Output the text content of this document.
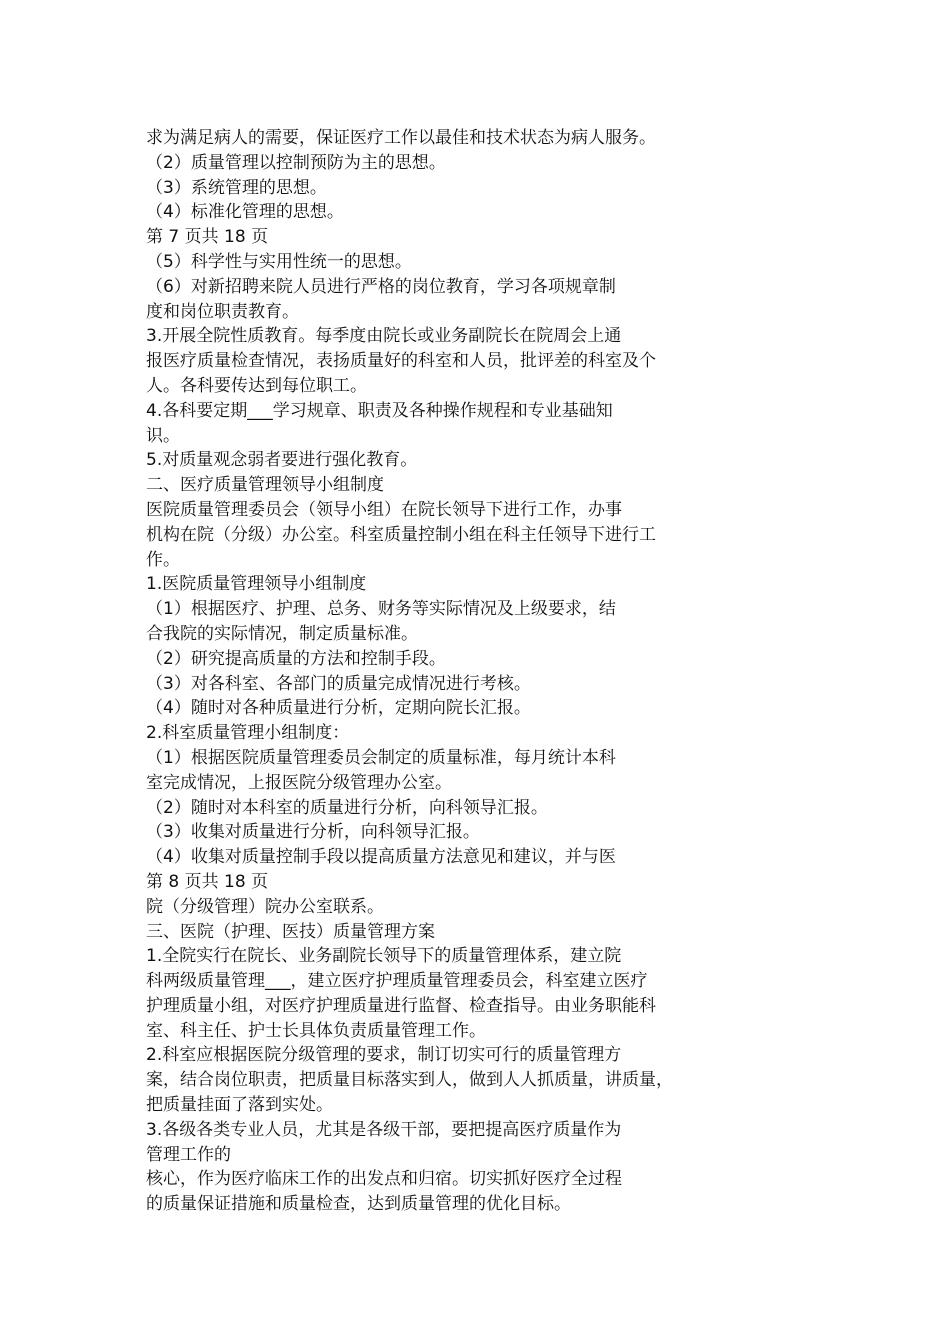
求为满足病人的需要，保证医疗工作以最佳和技术状态为病人服务。
（2）质量管理以控制预防为主的思想。
（3）系统管理的思想。
（4）标准化管理的思想。
第 7 页共 18 页
（5）科学性与实用性统一的思想。
（6）对新招聘来院人员进行严格的岗位教育，学习各项规章制
度和岗位职责教育。
3.开展全院性质教育。每季度由院长或业务副院长在院周会上通
报医疗质量检查情况，表扬质量好的科室和人员，批评差的科室及个
人。各科要传达到每位职工。
4.各科要定期___学习规章、职责及各种操作规程和专业基础知
识。
5.对质量观念弱者要进行强化教育。
二、医疗质量管理领导小组制度
医院质量管理委员会（领导小组）在院长领导下进行工作，办事
机构在院（分级）办公室。科室质量控制小组在科主任领导下进行工
作。
1.医院质量管理领导小组制度
（1）根据医疗、护理、总务、财务等实际情况及上级要求，结
合我院的实际情况，制定质量标准。
（2）研究提高质量的方法和控制手段。
（3）对各科室、各部门的质量完成情况进行考核。
（4）随时对各种质量进行分析，定期向院长汇报。
2.科室质量管理小组制度：
（1）根据医院质量管理委员会制定的质量标准，每月统计本科
室完成情况，上报医院分级管理办公室。
（2）随时对本科室的质量进行分析，向科领导汇报。
（3）收集对质量进行分析，向科领导汇报。
（4）收集对质量控制手段以提高质量方法意见和建议，并与医
第 8 页共 18 页
院（分级管理）院办公室联系。
三、医院（护理、医技）质量管理方案
1.全院实行在院长、业务副院长领导下的质量管理体系，建立院
科两级质量管理___，建立医疗护理质量管理委员会，科室建立医疗
护理质量小组，对医疗护理质量进行监督、检查指导。由业务职能科
室、科主任、护士长具体负责质量管理工作。
2.科室应根据医院分级管理的要求，制订切实可行的质量管理方
案，结合岗位职责，把质量目标落实到人，做到人人抓质量，讲质量，
把质量挂面了落到实处。
3.各级各类专业人员，尤其是各级干部，要把提高医疗质量作为
管理工作的
核心，作为医疗临床工作的出发点和归宿。切实抓好医疗全过程
的质量保证措施和质量检查，达到质量管理的优化目标。
